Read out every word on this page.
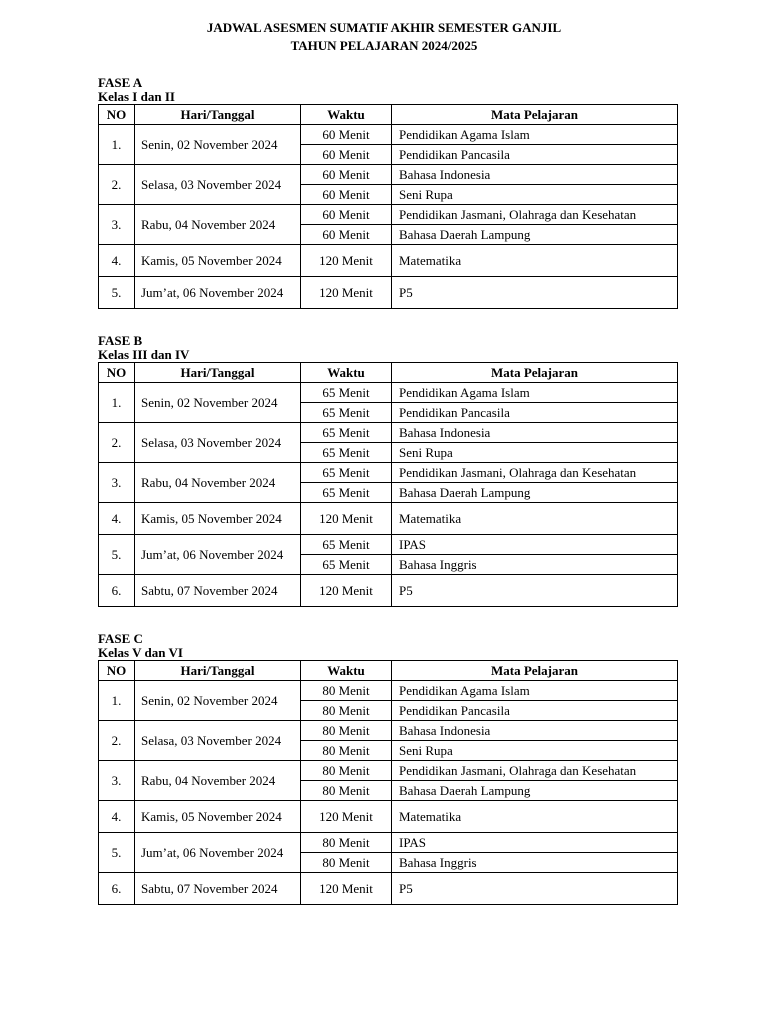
JADWAL ASESMEN SUMATIF AKHIR SEMESTER GANJIL
TAHUN PELAJARAN 2024/2025
FASE A
Kelas I dan II
NO	Hari/Tanggal	Waktu	Mata Pelajaran
1.	Senin, 02 November 2024	60 Menit	Pendidikan Agama Islam
		60 Menit	Pendidikan Pancasila
2.	Selasa, 03 November 2024	60 Menit	Bahasa Indonesia
		60 Menit	Seni Rupa
3.	Rabu, 04 November 2024	60 Menit	Pendidikan Jasmani, Olahraga dan Kesehatan
		60 Menit	Bahasa Daerah Lampung
4.	Kamis, 05 November 2024	120 Menit	Matematika
5.	Jum’at, 06 November 2024	120 Menit	P5
FASE B
Kelas III dan IV
NO	Hari/Tanggal	Waktu	Mata Pelajaran
1.	Senin, 02 November 2024	65 Menit	Pendidikan Agama Islam
		65 Menit	Pendidikan Pancasila
2.	Selasa, 03 November 2024	65 Menit	Bahasa Indonesia
		65 Menit	Seni Rupa
3.	Rabu, 04 November 2024	65 Menit	Pendidikan Jasmani, Olahraga dan Kesehatan
		65 Menit	Bahasa Daerah Lampung
4.	Kamis, 05 November 2024	120 Menit	Matematika
5.	Jum’at, 06 November 2024	65 Menit	IPAS
		65 Menit	Bahasa Inggris
6.	Sabtu, 07 November 2024	120 Menit	P5
FASE C
Kelas V dan VI
NO	Hari/Tanggal	Waktu	Mata Pelajaran
1.	Senin, 02 November 2024	80 Menit	Pendidikan Agama Islam
		80 Menit	Pendidikan Pancasila
2.	Selasa, 03 November 2024	80 Menit	Bahasa Indonesia
		80 Menit	Seni Rupa
3.	Rabu, 04 November 2024	80 Menit	Pendidikan Jasmani, Olahraga dan Kesehatan
		80 Menit	Bahasa Daerah Lampung
4.	Kamis, 05 November 2024	120 Menit	Matematika
5.	Jum’at, 06 November 2024	80 Menit	IPAS
		80 Menit	Bahasa Inggris
6.	Sabtu, 07 November 2024	120 Menit	P5
